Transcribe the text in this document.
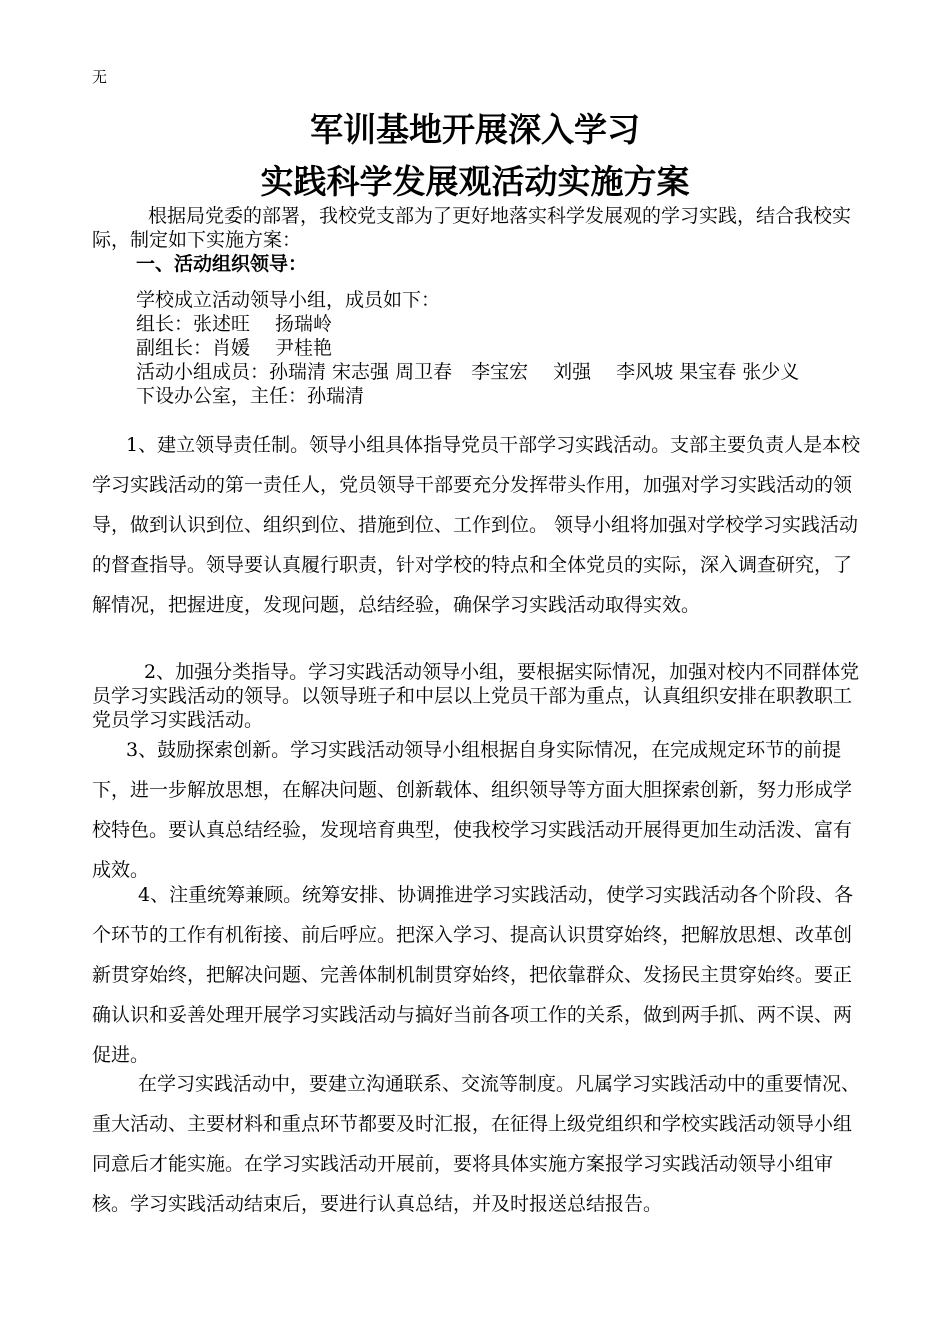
无
军训基地开展深入学习
实践科学发展观活动实施方案

根据局党委的部署，我校党支部为了更好地落实科学发展观的学习实践，结合我校实际，制定如下实施方案：

一、活动组织领导：

学校成立活动领导小组，成员如下：

组长：张述旺　 扬瑞岭

副组长：肖媛　 尹桂艳

活动小组成员：孙瑞清 宋志强 周卫春　李宝宏　 刘强　 李风坡 果宝春 张少义

下设办公室，主任：孙瑞清

1、建立领导责任制。领导小组具体指导党员干部学习实践活动。支部主要负责人是本校学习实践活动的第一责任人，党员领导干部要充分发挥带头作用，加强对学习实践活动的领导，做到认识到位、组织到位、措施到位、工作到位。 领导小组将加强对学校学习实践活动的督查指导。领导要认真履行职责，针对学校的特点和全体党员的实际，深入调查研究，了解情况，把握进度，发现问题，总结经验，确保学习实践活动取得实效。

2、加强分类指导。学习实践活动领导小组，要根据实际情况，加强对校内不同群体党员学习实践活动的领导。以领导班子和中层以上党员干部为重点，认真组织安排在职教职工党员学习实践活动。

3、鼓励探索创新。学习实践活动领导小组根据自身实际情况，在完成规定环节的前提下，进一步解放思想，在解决问题、创新载体、组织领导等方面大胆探索创新，努力形成学校特色。要认真总结经验，发现培育典型，使我校学习实践活动开展得更加生动活泼、富有成效。

4、注重统筹兼顾。统筹安排、协调推进学习实践活动，使学习实践活动各个阶段、各个环节的工作有机衔接、前后呼应。把深入学习、提高认识贯穿始终，把解放思想、改革创新贯穿始终，把解决问题、完善体制机制贯穿始终，把依靠群众、发扬民主贯穿始终。要正确认识和妥善处理开展学习实践活动与搞好当前各项工作的关系，做到两手抓、两不误、两促进。

在学习实践活动中，要建立沟通联系、交流等制度。凡属学习实践活动中的重要情况、重大活动、主要材料和重点环节都要及时汇报，在征得上级党组织和学校实践活动领导小组同意后才能实施。在学习实践活动开展前，要将具体实施方案报学习实践活动领导小组审核。学习实践活动结束后，要进行认真总结，并及时报送总结报告。
